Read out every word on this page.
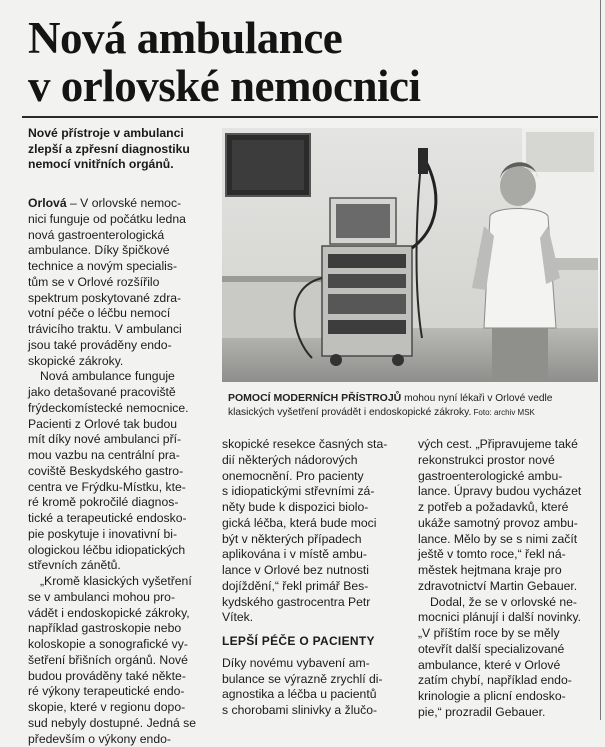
Nová ambulance
v orlovské nemocnici
Nové přístroje v ambulanci
zlepší a zpřesní diagnostiku
nemocí vnitřních orgánů.
POMOCÍ MODERNÍCH PŘÍSTROJŮ mohou nyní lékaři v Orlové vedle
klasických vyšetření provádět i endoskopické zákroky. Foto: archiv MSK
Orlová – V orlovské nemoc-
nici funguje od počátku ledna
nová gastroenterologická
ambulance. Díky špičkové
technice a novým specialis-
tům se v Orlové rozšířilo
spektrum poskytované zdra-
votní péče o léčbu nemocí
trávicího traktu. V ambulanci
jsou také prováděny endo-
skopické zákroky.
Nová ambulance funguje
jako detašované pracoviště
frýdeckomístecké nemocnice.
Pacienti z Orlové tak budou
mít díky nové ambulanci pří-
mou vazbu na centrální pra-
coviště Beskydského gastro-
centra ve Frýdku-Místku, kte-
ré kromě pokročilé diagnos-
tické a terapeutické endosko-
pie poskytuje i inovativní bi-
ologickou léčbu idiopatických
střevních zánětů.
„Kromě klasických vyšetření
se v ambulanci mohou pro-
vádět i endoskopické zákroky,
například gastroskopie nebo
koloskopie a sonografické vy-
šetření břišních orgánů. Nové
budou prováděny také někte-
ré výkony terapeutické endo-
skopie, které v regionu dopo-
sud nebyly dostupné. Jedná se
především o výkony endo-
skopické resekce časných sta-
dií některých nádorových
onemocnění. Pro pacienty
s idiopatickými střevními zá-
něty bude k dispozici biolo-
gická léčba, která bude moci
být v některých případech
aplikována i v místě ambu-
lance v Orlové bez nutnosti
dojíždění,“ řekl primář Bes-
kydského gastrocentra Petr
Vítek.
LEPŠÍ PÉČE O PACIENTY
Díky novému vybavení am-
bulance se výrazně zrychlí di-
agnostika a léčba u pacientů
s chorobami slinivky a žlučo-
vých cest. „Připravujeme také
rekonstrukci prostor nové
gastroenterologické ambu-
lance. Úpravy budou vycházet
z potřeb a požadavků, které
ukáže samotný provoz ambu-
lance. Mělo by se s nimi začít
ještě v tomto roce,“ řekl ná-
městek hejtmana kraje pro
zdravotnictví Martin Gebauer.
Dodal, že se v orlovské ne-
mocnici plánují i další novinky.
„V příštím roce by se měly
otevřít další specializované
ambulance, které v Orlové
zatím chybí, například endo-
krinologie a plicní endosko-
pie,“ prozradil Gebauer.
